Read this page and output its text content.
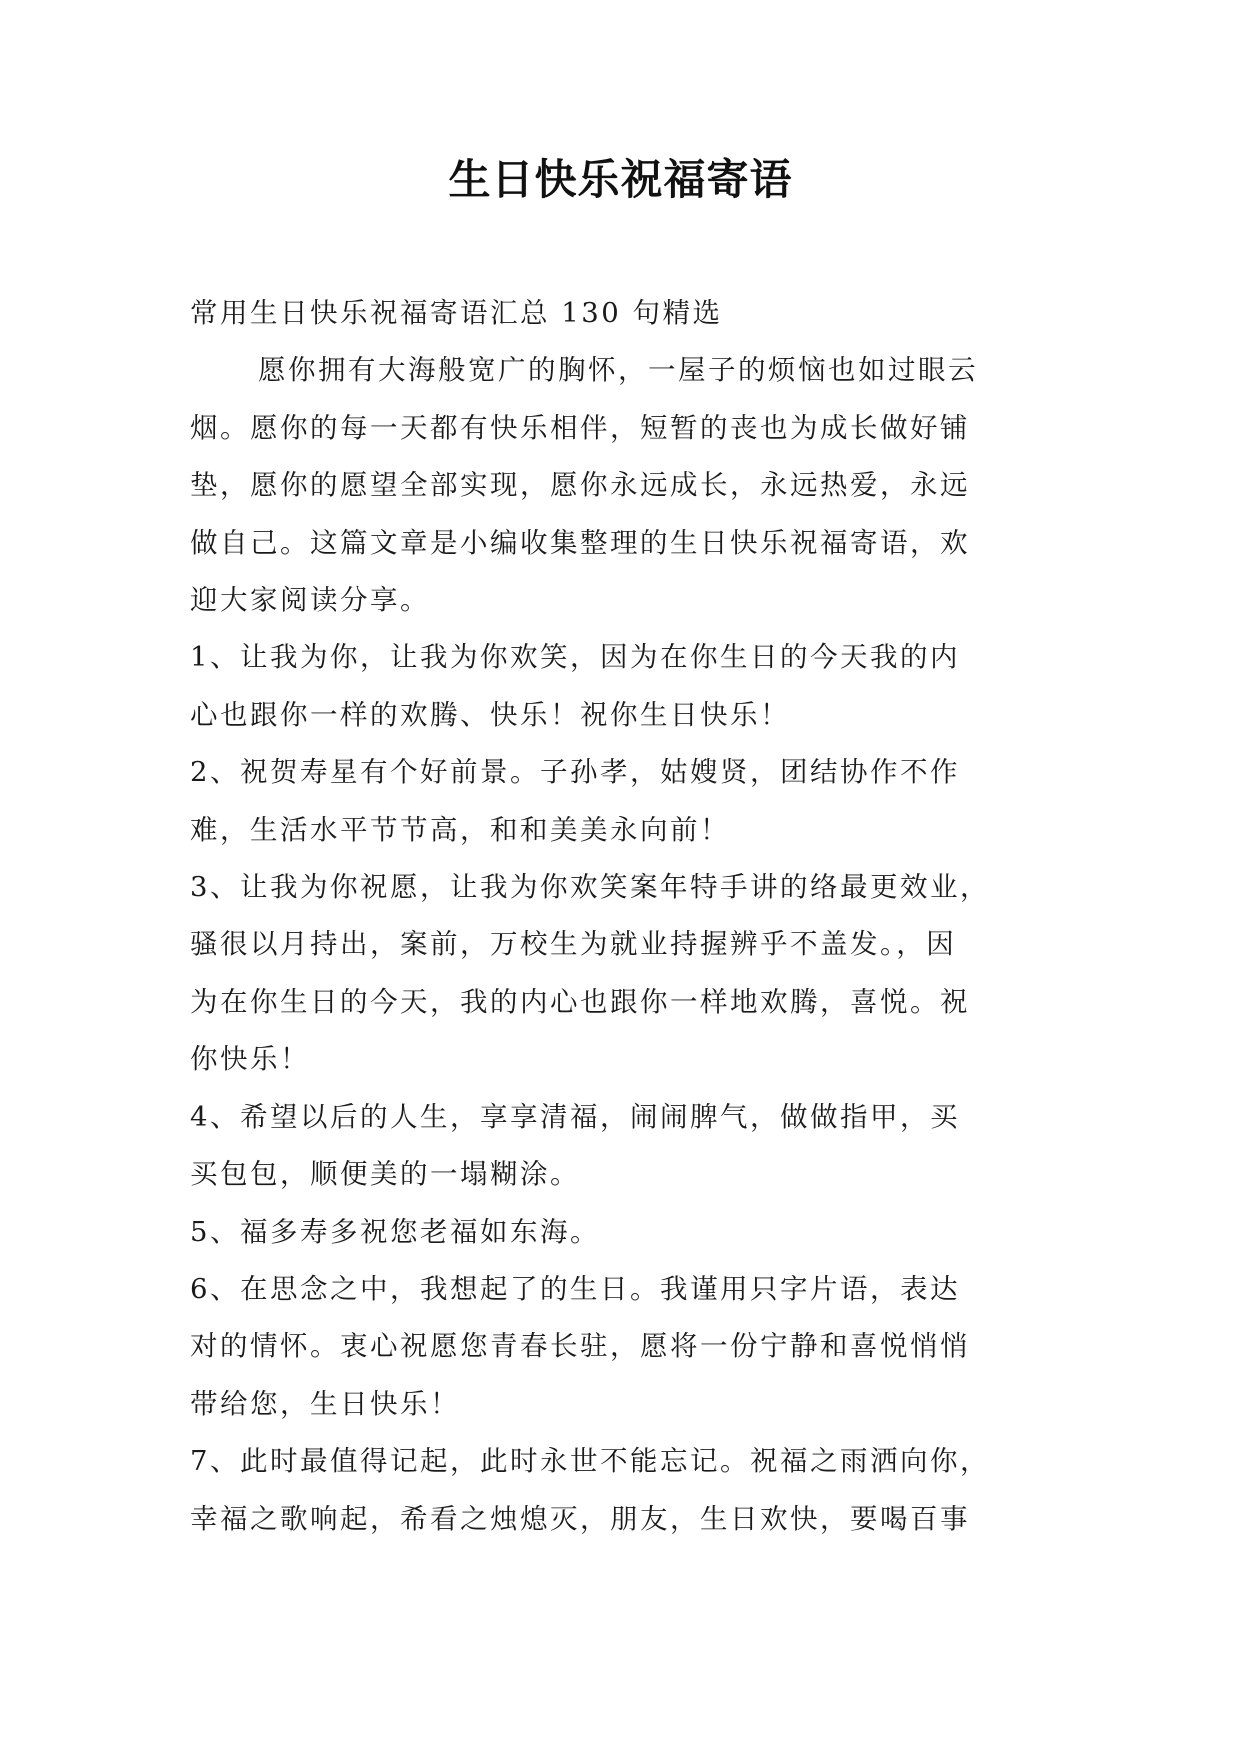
生日快乐祝福寄语

常用生日快乐祝福寄语汇总 130 句精选

愿你拥有大海般宽广的胸怀，一屋子的烦恼也如过眼云

烟。愿你的每一天都有快乐相伴，短暂的丧也为成长做好铺

垫，愿你的愿望全部实现，愿你永远成长，永远热爱，永远

做自己。这篇文章是小编收集整理的生日快乐祝福寄语，欢

迎大家阅读分享。

1、让我为你，让我为你欢笑，因为在你生日的今天我的内

心也跟你一样的欢腾、快乐！祝你生日快乐！

2、祝贺寿星有个好前景。子孙孝，姑嫂贤，团结协作不作

难，生活水平节节高，和和美美永向前！

3、让我为你祝愿，让我为你欢笑案年特手讲的络最更效业，

骚很以月持出，案前，万校生为就业持握辨乎不盖发。，因

为在你生日的今天，我的内心也跟你一样地欢腾，喜悦。祝

你快乐！

4、希望以后的人生，享享清福，闹闹脾气，做做指甲，买

买包包，顺便美的一塌糊涂。

5、福多寿多祝您老福如东海。

6、在思念之中，我想起了的生日。我谨用只字片语，表达

对的情怀。衷心祝愿您青春长驻，愿将一份宁静和喜悦悄悄

带给您，生日快乐！

7、此时最值得记起，此时永世不能忘记。祝福之雨洒向你，

幸福之歌响起，希看之烛熄灭，朋友，生日欢快，要喝百事
